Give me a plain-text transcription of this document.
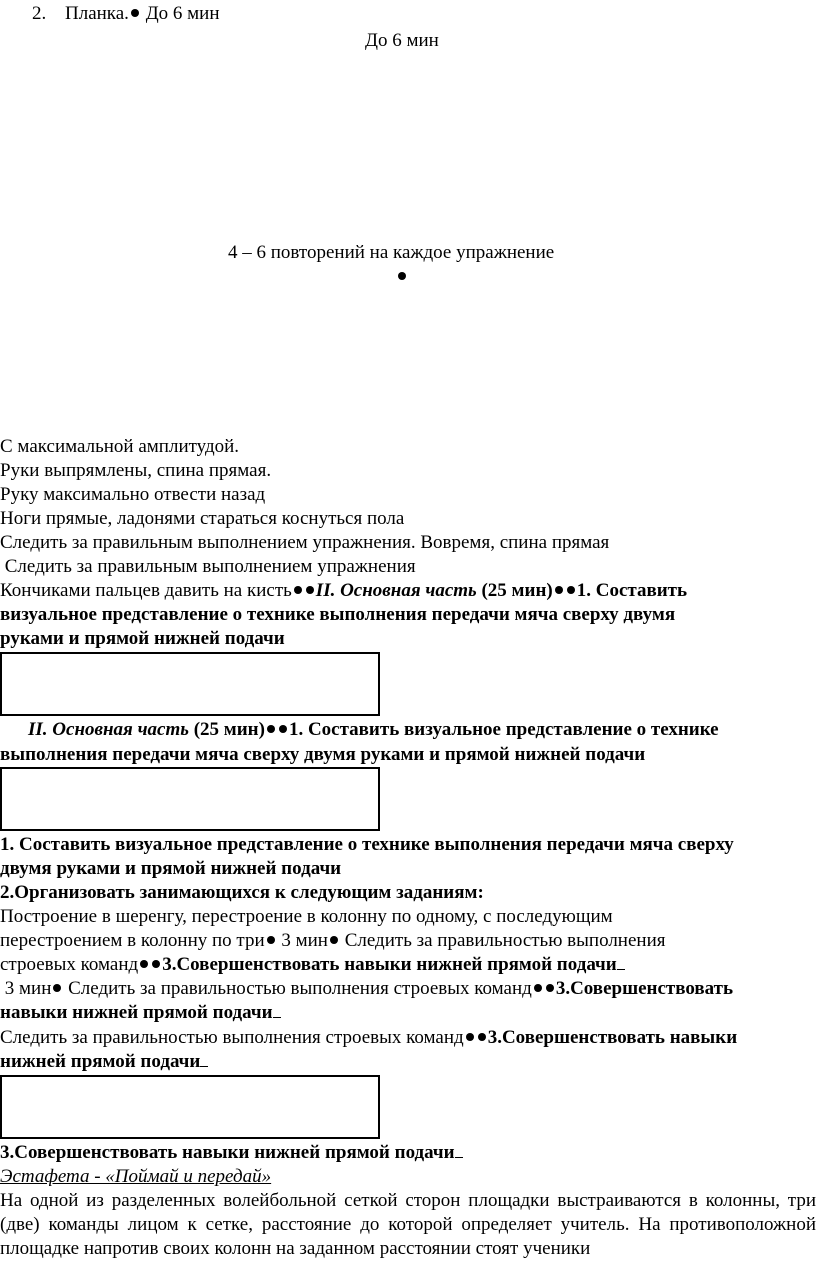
2. Планка. До 6 мин
До 6 мин
4 – 6 повторений на каждое упражнение
С максимальной амплитудой.
Руки выпрямлены, спина прямая.
Руку максимально отвести назад
Ноги прямые, ладонями стараться коснуться пола
Следить за правильным выполнением упражнения. Вовремя, спина прямая
Следить за правильным выполнением упражнения
Кончиками пальцев давить на кисть II. Основная часть (25 мин) 1. Составить
визуальное представление о технике выполнения передачи мяча сверху двумя
руками и прямой нижней подачи
II. Основная часть (25 мин) 1. Составить визуальное представление о технике
выполнения передачи мяча сверху двумя руками и прямой нижней подачи
1. Составить визуальное представление о технике выполнения передачи мяча сверху
двумя руками и прямой нижней подачи
2.Организовать занимающихся к следующим заданиям:
Построение в шеренгу, перестроение в колонну по одному, с последующим
перестроением в колонну по три 3 мин Следить за правильностью выполнения
строевых команд 3.Совершенствовать навыки нижней прямой подачи
3 мин Следить за правильностью выполнения строевых команд 3.Совершенствовать
навыки нижней прямой подачи
Следить за правильностью выполнения строевых команд 3.Совершенствовать навыки
нижней прямой подачи
3.Совершенствовать навыки нижней прямой подачи
Эстафета - «Поймай и передай»
На одной из разделенных волейбольной сеткой сторон площадки выстраиваются в колонны, три (две) команды лицом к сетке, расстояние до которой определяет учитель. На противоположной площадке напротив своих колонн на заданном расстоянии стоят ученики
